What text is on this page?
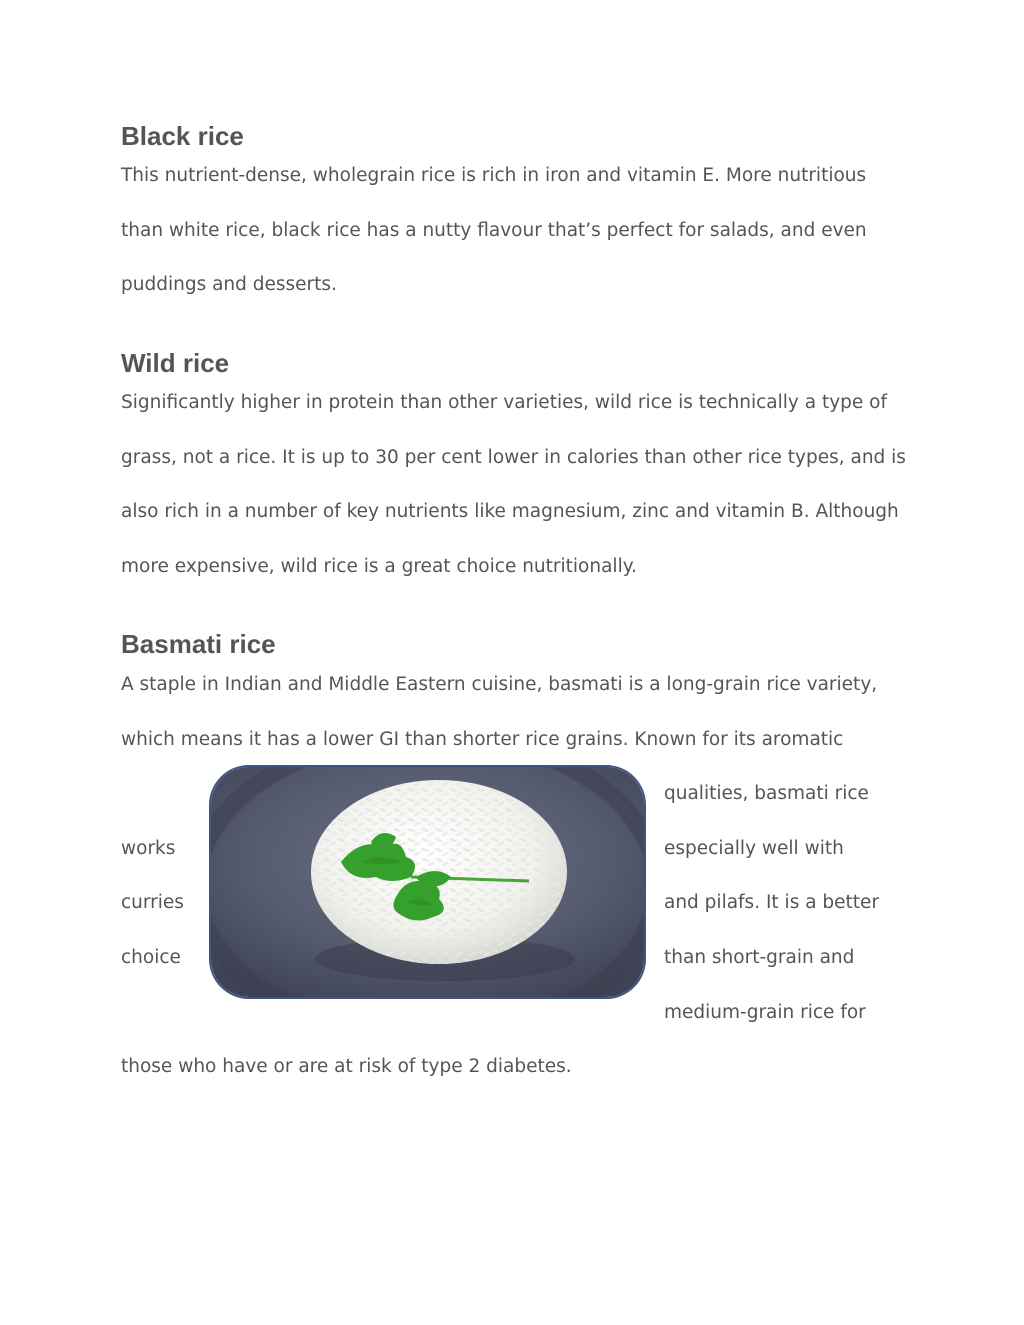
Black rice

This nutrient-dense, wholegrain rice is rich in iron and vitamin E. More nutritious

than white rice, black rice has a nutty flavour that’s perfect for salads, and even

puddings and desserts.

Wild rice

Significantly higher in protein than other varieties, wild rice is technically a type of

grass, not a rice. It is up to 30 per cent lower in calories than other rice types, and is

also rich in a number of key nutrients like magnesium, zinc and vitamin B. Although

more expensive, wild rice is a great choice nutritionally.

Basmati rice

A staple in Indian and Middle Eastern cuisine, basmati is a long-grain rice variety,

which means it has a lower GI than shorter rice grains. Known for its aromatic

qualities, basmati rice

works	especially well with

curries	and pilafs. It is a better

choice	than short-grain and

medium-grain rice for

those who have or are at risk of type 2 diabetes.
